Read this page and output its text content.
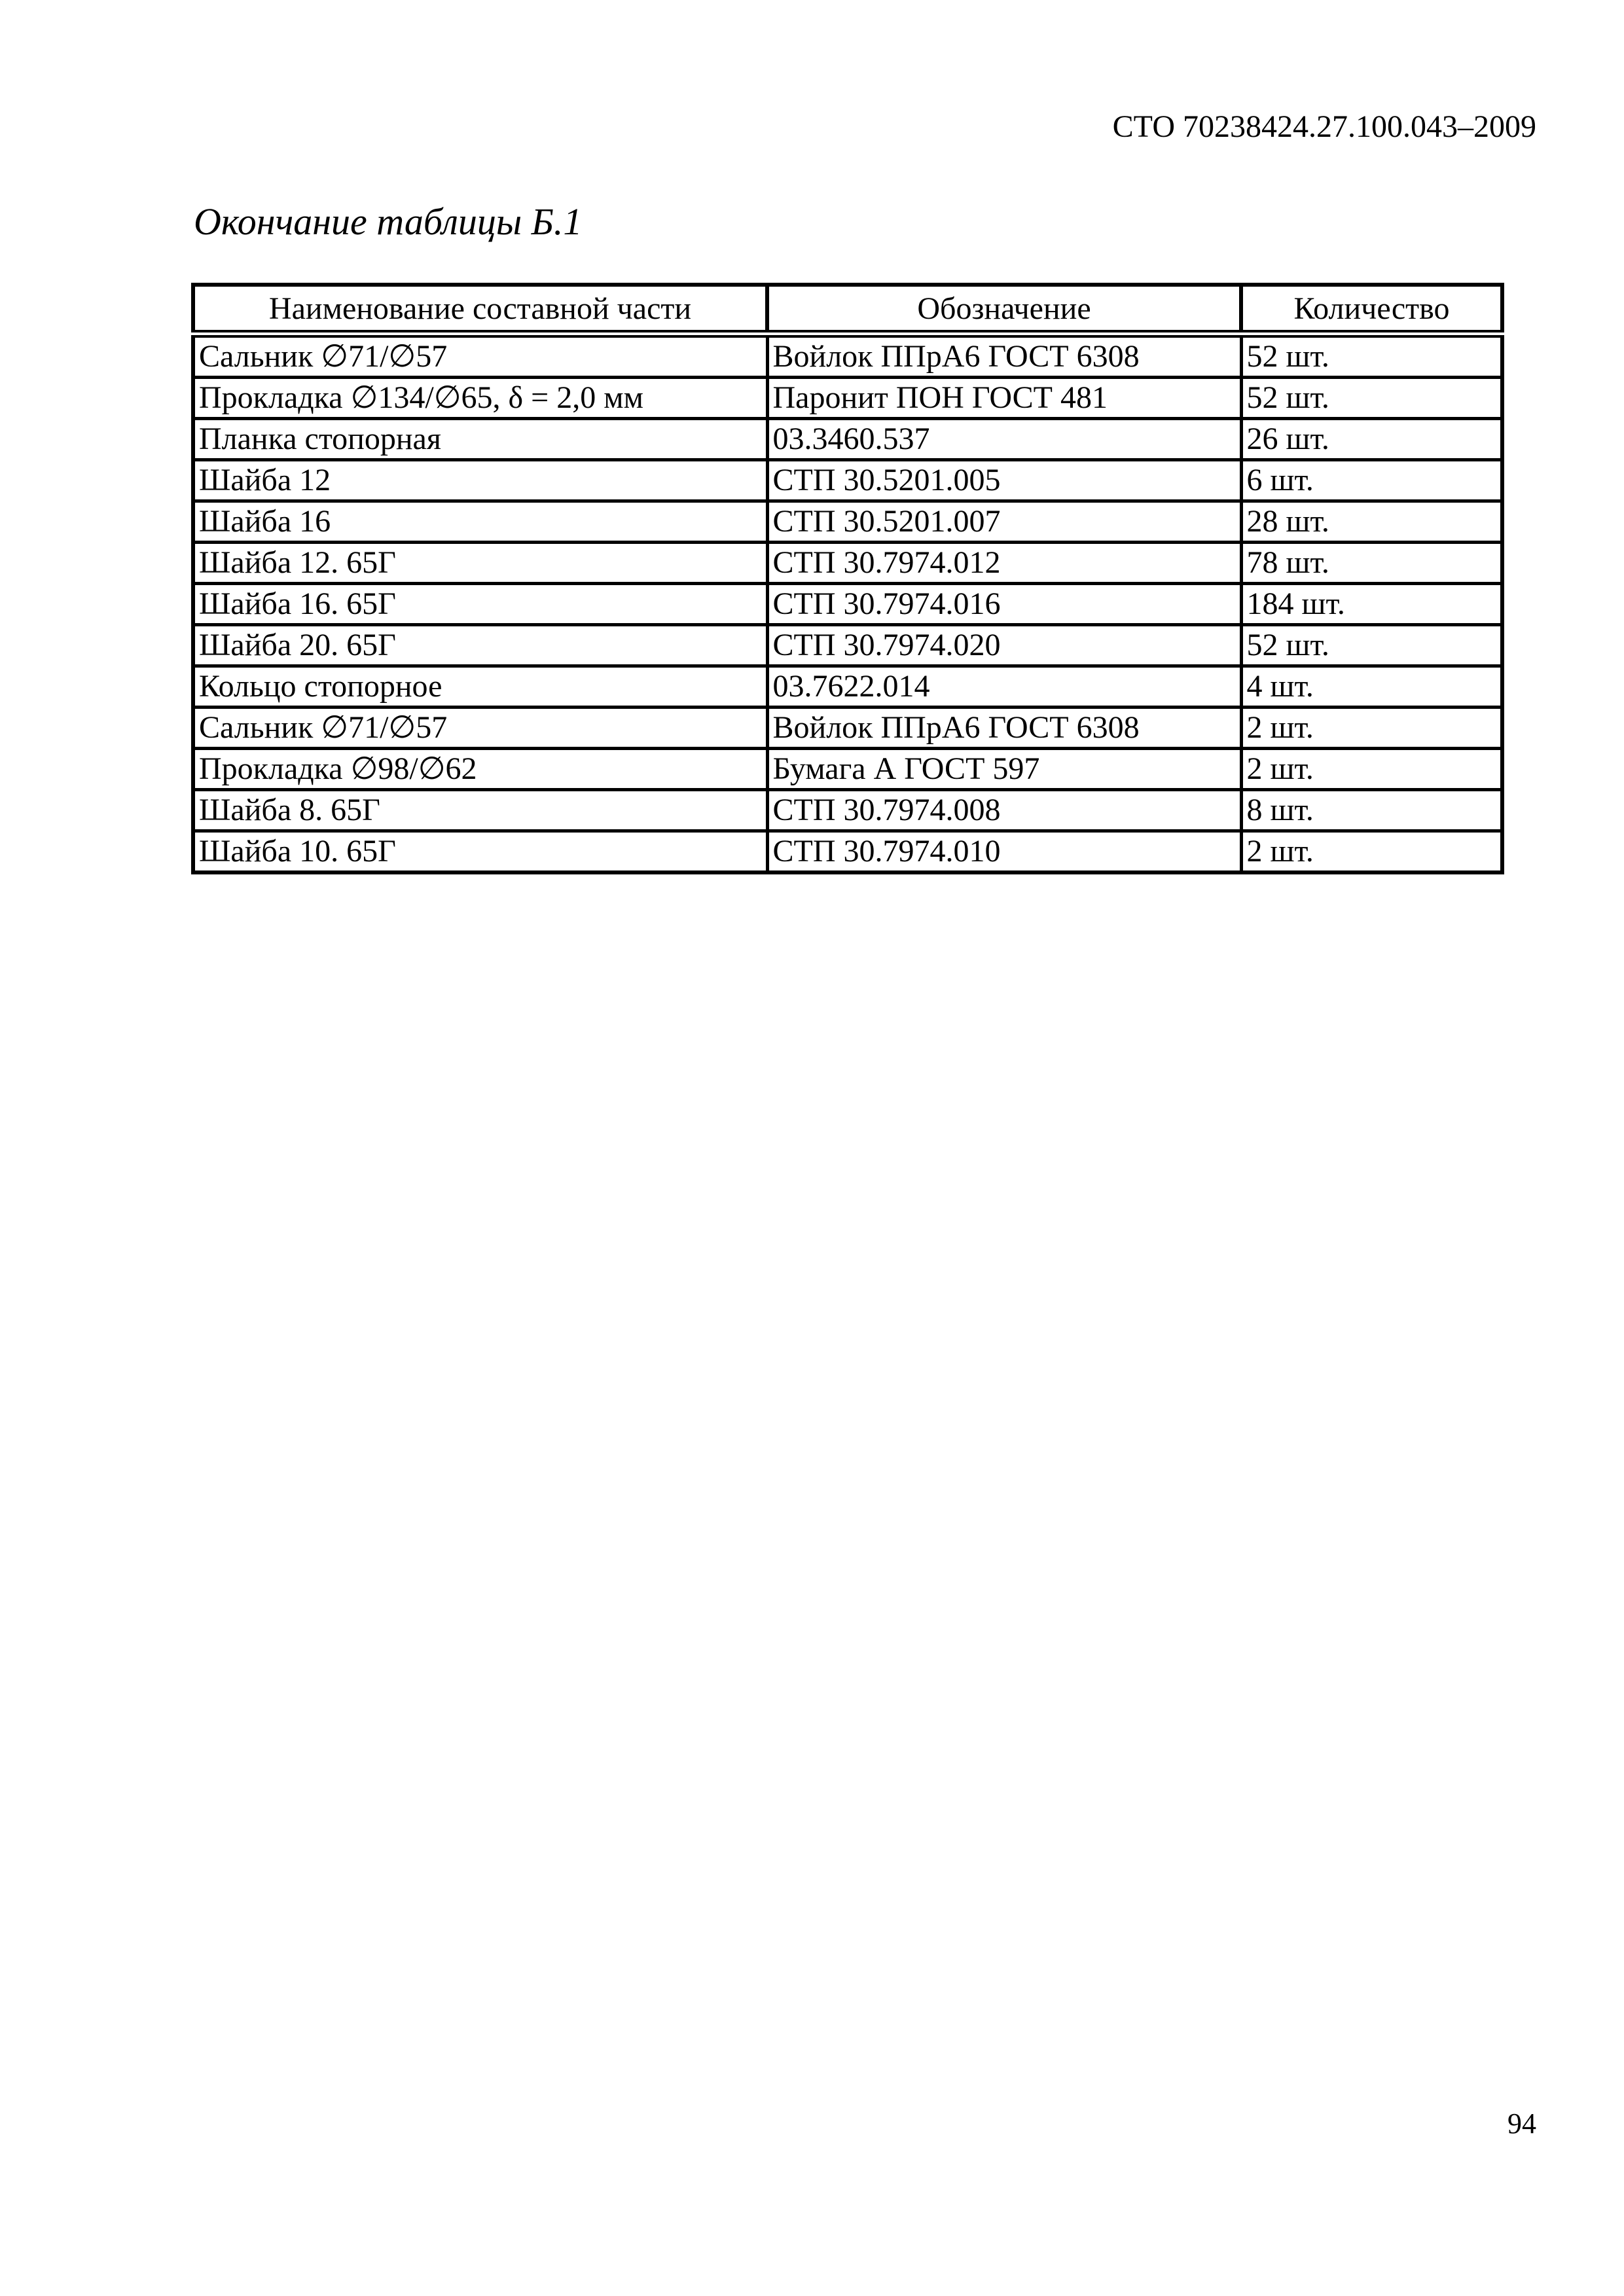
СТО 70238424.27.100.043–2009
Окончание таблицы Б.1
Наименование составной части	Обозначение	Количество
Сальник ∅71/∅57	Войлок ППрА6 ГОСТ 6308	52 шт.
Прокладка ∅134/∅65, δ = 2,0 мм	Паронит ПОН ГОСТ 481	52 шт.
Планка стопорная	03.3460.537	26 шт.
Шайба 12	СТП 30.5201.005	6 шт.
Шайба 16	СТП 30.5201.007	28 шт.
Шайба 12. 65Г	СТП 30.7974.012	78 шт.
Шайба 16. 65Г	СТП 30.7974.016	184 шт.
Шайба 20. 65Г	СТП 30.7974.020	52 шт.
Кольцо стопорное	03.7622.014	4 шт.
Сальник ∅71/∅57	Войлок ППрА6 ГОСТ 6308	2 шт.
Прокладка ∅98/∅62	Бумага А ГОСТ 597	2 шт.
Шайба 8. 65Г	СТП 30.7974.008	8 шт.
Шайба 10. 65Г	СТП 30.7974.010	2 шт.
94
